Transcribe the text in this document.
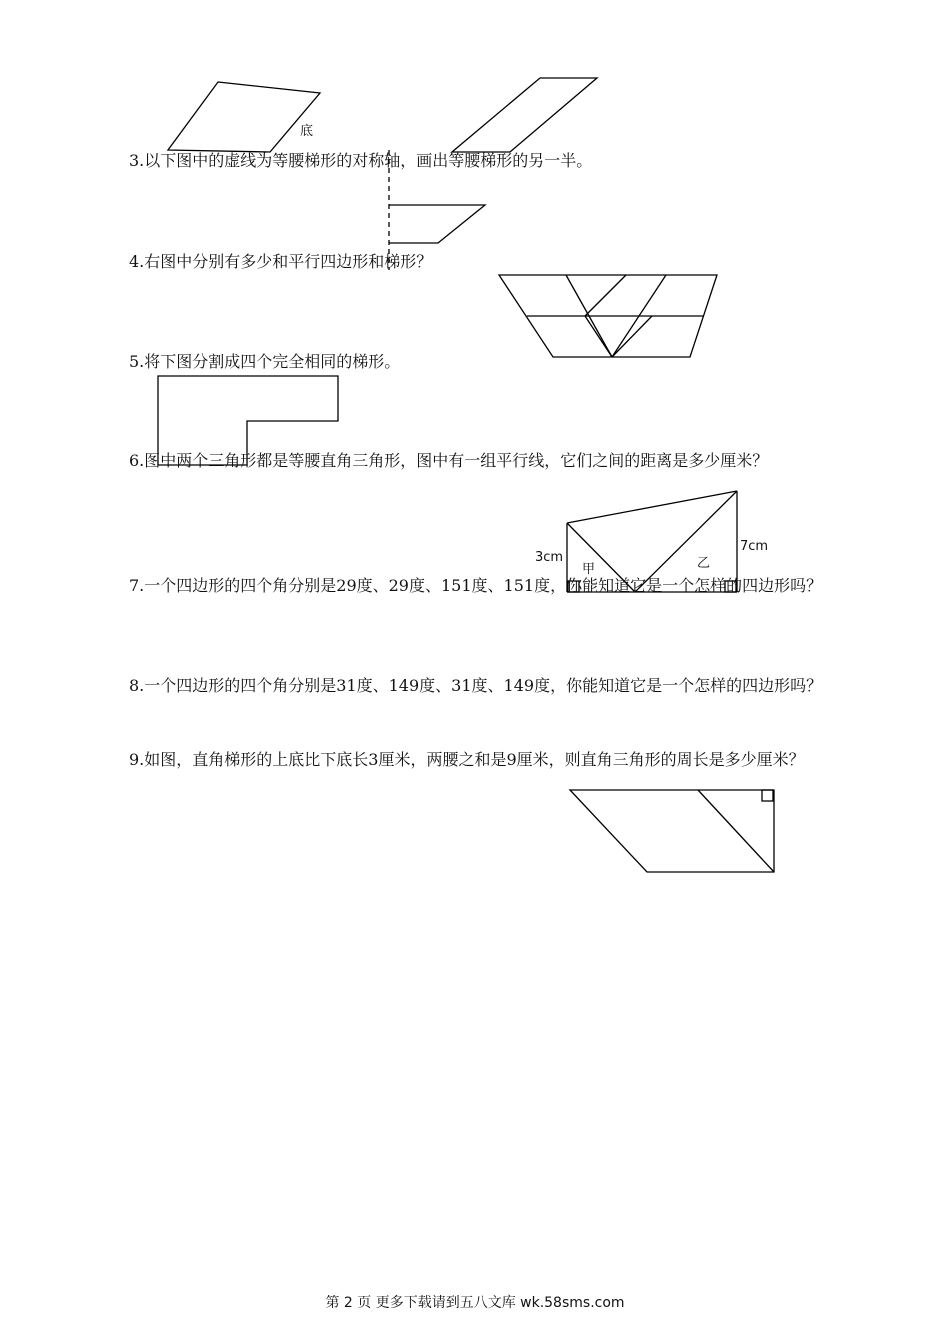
底
3cm
7cm
甲	乙
3.以下图中的虚线为等腰梯形的对称轴，画出等腰梯形的另一半。
4.右图中分别有多少和平行四边形和梯形？
5.将下图分割成四个完全相同的梯形。
6.图中两个三角形都是等腰直角三角形，图中有一组平行线，它们之间的距离是多少厘米？
7.一个四边形的四个角分别是29度、29度、151度、151度，你能知道它是一个怎样的四边形吗？
8.一个四边形的四个角分别是31度、149度、31度、149度，你能知道它是一个怎样的四边形吗？
9.如图，直角梯形的上底比下底长3厘米，两腰之和是9厘米，则直角三角形的周长是多少厘米？
第 2 页 更多下载请到五八文库 wk.58sms.com
